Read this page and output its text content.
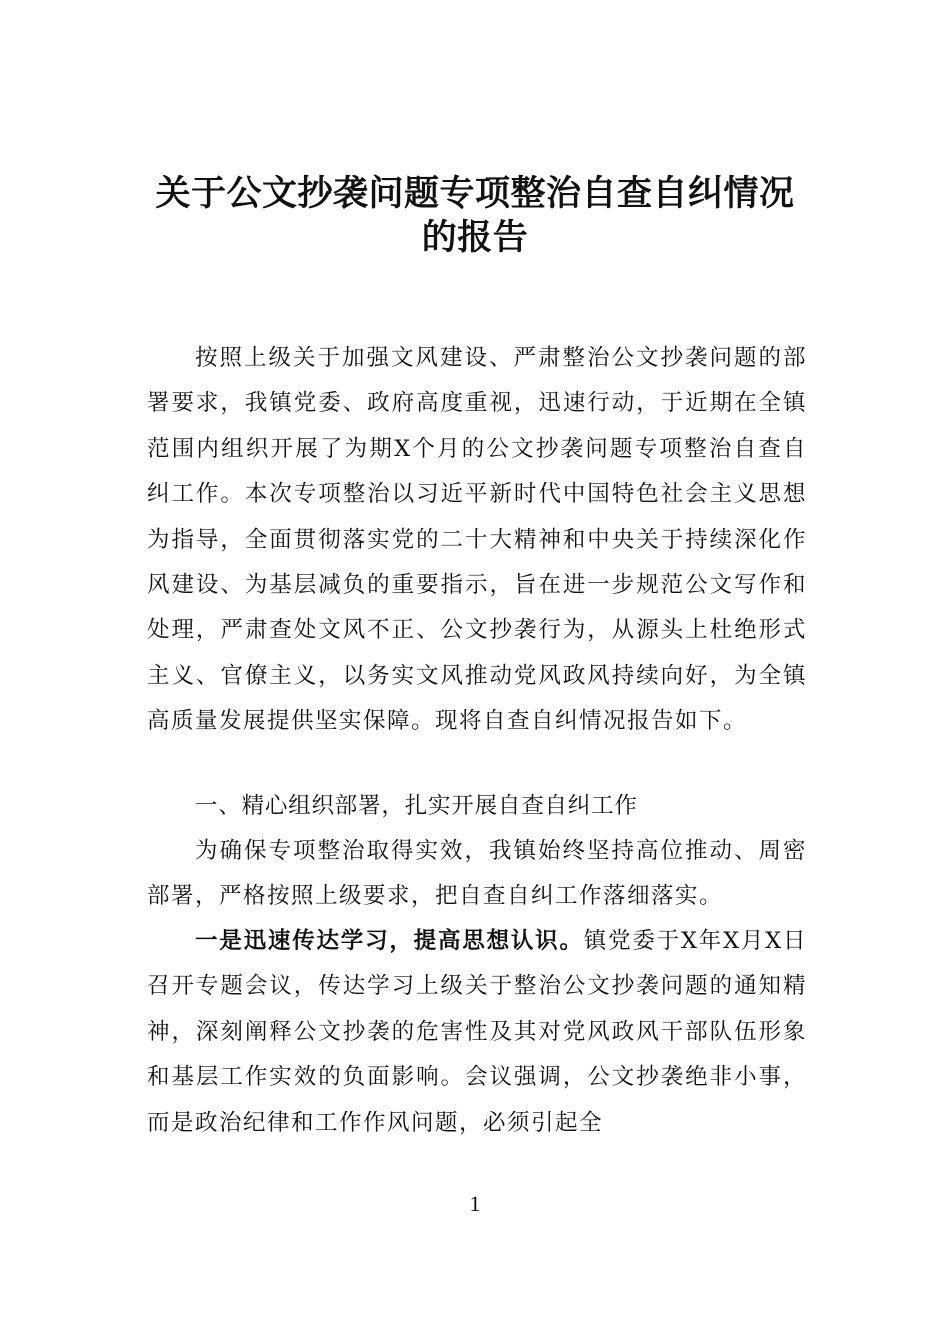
关于公文抄袭问题专项整治自查自纠情况
的报告

按照上级关于加强文风建设、严肃整治公文抄袭问题的部署要求，我镇党委、政府高度重视，迅速行动，于近期在全镇范围内组织开展了为期X个月的公文抄袭问题专项整治自查自纠工作。本次专项整治以习近平新时代中国特色社会主义思想为指导，全面贯彻落实党的二十大精神和中央关于持续深化作风建设、为基层减负的重要指示，旨在进一步规范公文写作和处理，严肃查处文风不正、公文抄袭行为，从源头上杜绝形式主义、官僚主义，以务实文风推动党风政风持续向好，为全镇高质量发展提供坚实保障。现将自查自纠情况报告如下。

一、精心组织部署，扎实开展自查自纠工作

为确保专项整治取得实效，我镇始终坚持高位推动、周密部署，严格按照上级要求，把自查自纠工作落细落实。

一是迅速传达学习，提高思想认识。镇党委于X年X月X日召开专题会议，传达学习上级关于整治公文抄袭问题的通知精神，深刻阐释公文抄袭的危害性及其对党风政风干部队伍形象和基层工作实效的负面影响。会议强调，公文抄袭绝非小事，而是政治纪律和工作作风问题，必须引起全

1
